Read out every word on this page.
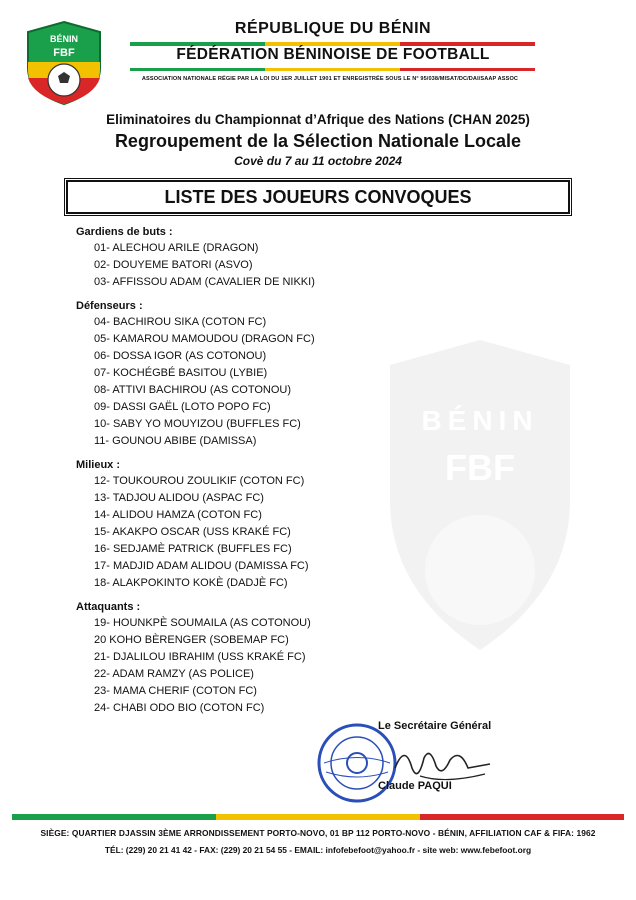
BÉNIN
FBF
RÉPUBLIQUE DU BÉNIN
FÉDÉRATION BÉNINOISE DE FOOTBALL
ASSOCIATION NATIONALE RÉGIE PAR LA LOI DU 1ER JUILLET 1901 ET ENREGISTRÉE SOUS LE N° 95/038/MISAT/DC/DAI/SAAP ASSOC
Eliminatoires du Championnat d’Afrique des Nations (CHAN 2025)
Regroupement de la Sélection Nationale Locale
Covè du 7 au 11 octobre 2024
LISTE DES JOUEURS CONVOQUES
BÉNIN
FBF
Gardiens de buts :
01- ALECHOU ARILE (DRAGON)
02- DOUYEME BATORI (ASVO)
03- AFFISSOU ADAM (CAVALIER DE NIKKI)
Défenseurs :
04- BACHIROU SIKA (COTON FC)
05- KAMAROU MAMOUDOU (DRAGON FC)
06- DOSSA IGOR (AS COTONOU)
07- KOCHÉGBÉ BASITOU (LYBIE)
08- ATTIVI BACHIROU (AS COTONOU)
09- DASSI GAËL (LOTO POPO FC)
10- SABY YO MOUYIZOU (BUFFLES FC)
11- GOUNOU ABIBE (DAMISSA)
Milieux :
12- TOUKOUROU ZOULIKIF (COTON FC)
13- TADJOU ALIDOU (ASPAC FC)
14- ALIDOU HAMZA (COTON FC)
15- AKAKPO OSCAR (USS KRAKÉ FC)
16- SEDJAMÈ PATRICK (BUFFLES FC)
17- MADJID ADAM ALIDOU (DAMISSA FC)
18- ALAKPOKINTO KOKÈ (DADJÈ FC)
Attaquants :
19- HOUNKPÈ SOUMAILA (AS COTONOU)
20 KOHO BÈRENGER (SOBEMAP FC)
21- DJALILOU IBRAHIM (USS KRAKÉ FC)
22- ADAM RAMZY (AS POLICE)
23- MAMA CHERIF (COTON FC)
24- CHABI ODO BIO (COTON FC)
Le Secrétaire Général
Claude PAQUI
SIÈGE: QUARTIER DJASSIN 3ÈME ARRONDISSEMENT PORTO-NOVO, 01 BP 112 PORTO-NOVO - BÉNIN, AFFILIATION CAF & FIFA: 1962
TÉL: (229) 20 21 41 42 - FAX: (229) 20 21 54 55 - EMAIL: infofebefoot@yahoo.fr - site web: www.febefoot.org
